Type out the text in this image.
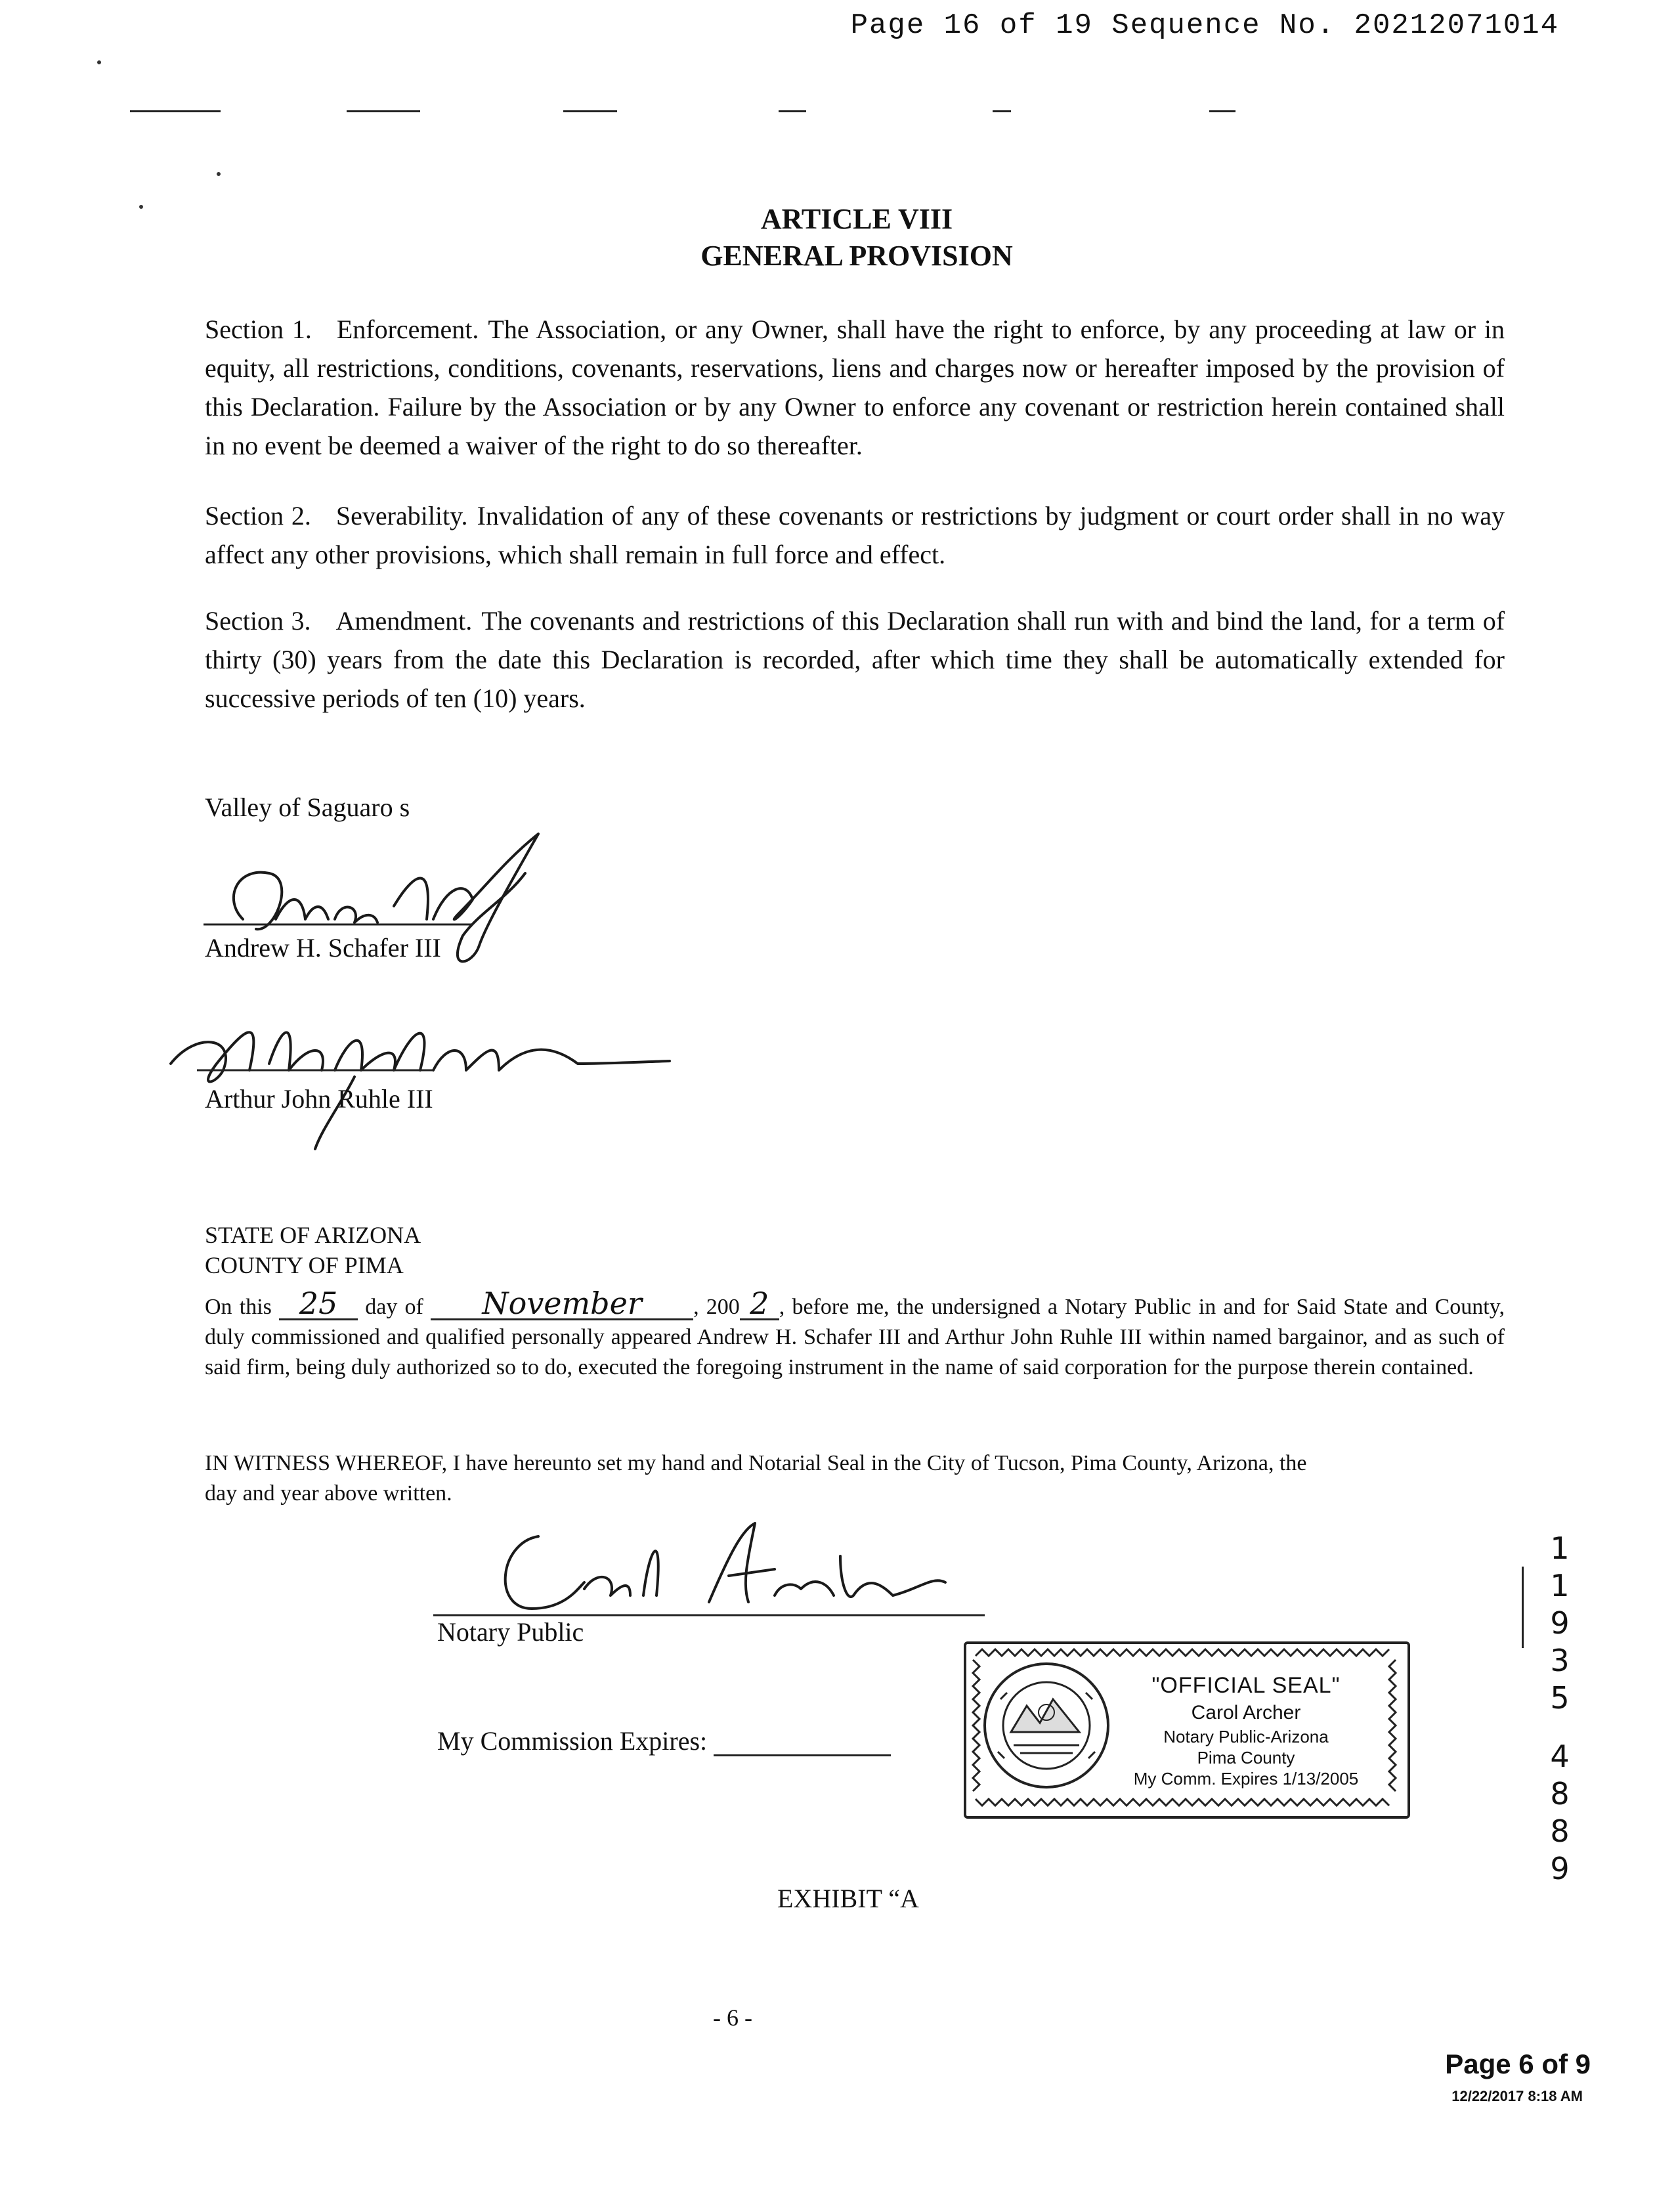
Page 16 of 19 Sequence No. 20212071014
ARTICLE VIII
GENERAL PROVISION
Section 1. Enforcement. The Association, or any Owner, shall have the right to enforce, by any proceeding at law or in equity, all restrictions, conditions, covenants, reservations, liens and charges now or hereafter imposed by the provision of this Declaration. Failure by the Association or by any Owner to enforce any covenant or restriction herein contained shall in no event be deemed a waiver of the right to do so thereafter.
Section 2. Severability. Invalidation of any of these covenants or restrictions by judgment or court order shall in no way affect any other provisions, which shall remain in full force and effect.
Section 3. Amendment. The covenants and restrictions of this Declaration shall run with and bind the land, for a term of thirty (30) years from the date this Declaration is recorded, after which time they shall be automatically extended for successive periods of ten (10) years.
Valley of Saguaro s
Andrew H. Schafer III
Arthur John Ruhle III
STATE OF ARIZONA
COUNTY OF PIMA
On this 25 day of November , 200 2 , before me, the undersigned a Notary Public in and for Said State and County, duly commissioned and qualified personally appeared Andrew H. Schafer III and Arthur John Ruhle III within named bargainor, and as such of said firm, being duly authorized so to do, executed the foregoing instrument in the name of said corporation for the purpose therein contained.
IN WITNESS WHEREOF, I have hereunto set my hand and Notarial Seal in the City of Tucson, Pima County, Arizona, the day and year above written.
Notary Public
My Commission Expires:
"OFFICIAL SEAL"
Carol Archer
Notary Public-Arizona
Pima County
My Comm. Expires 1/13/2005
1
1
9
3
5
4
8
8
9
EXHIBIT “A
- 6 -
Page 6 of 9
12/22/2017 8:18 AM
